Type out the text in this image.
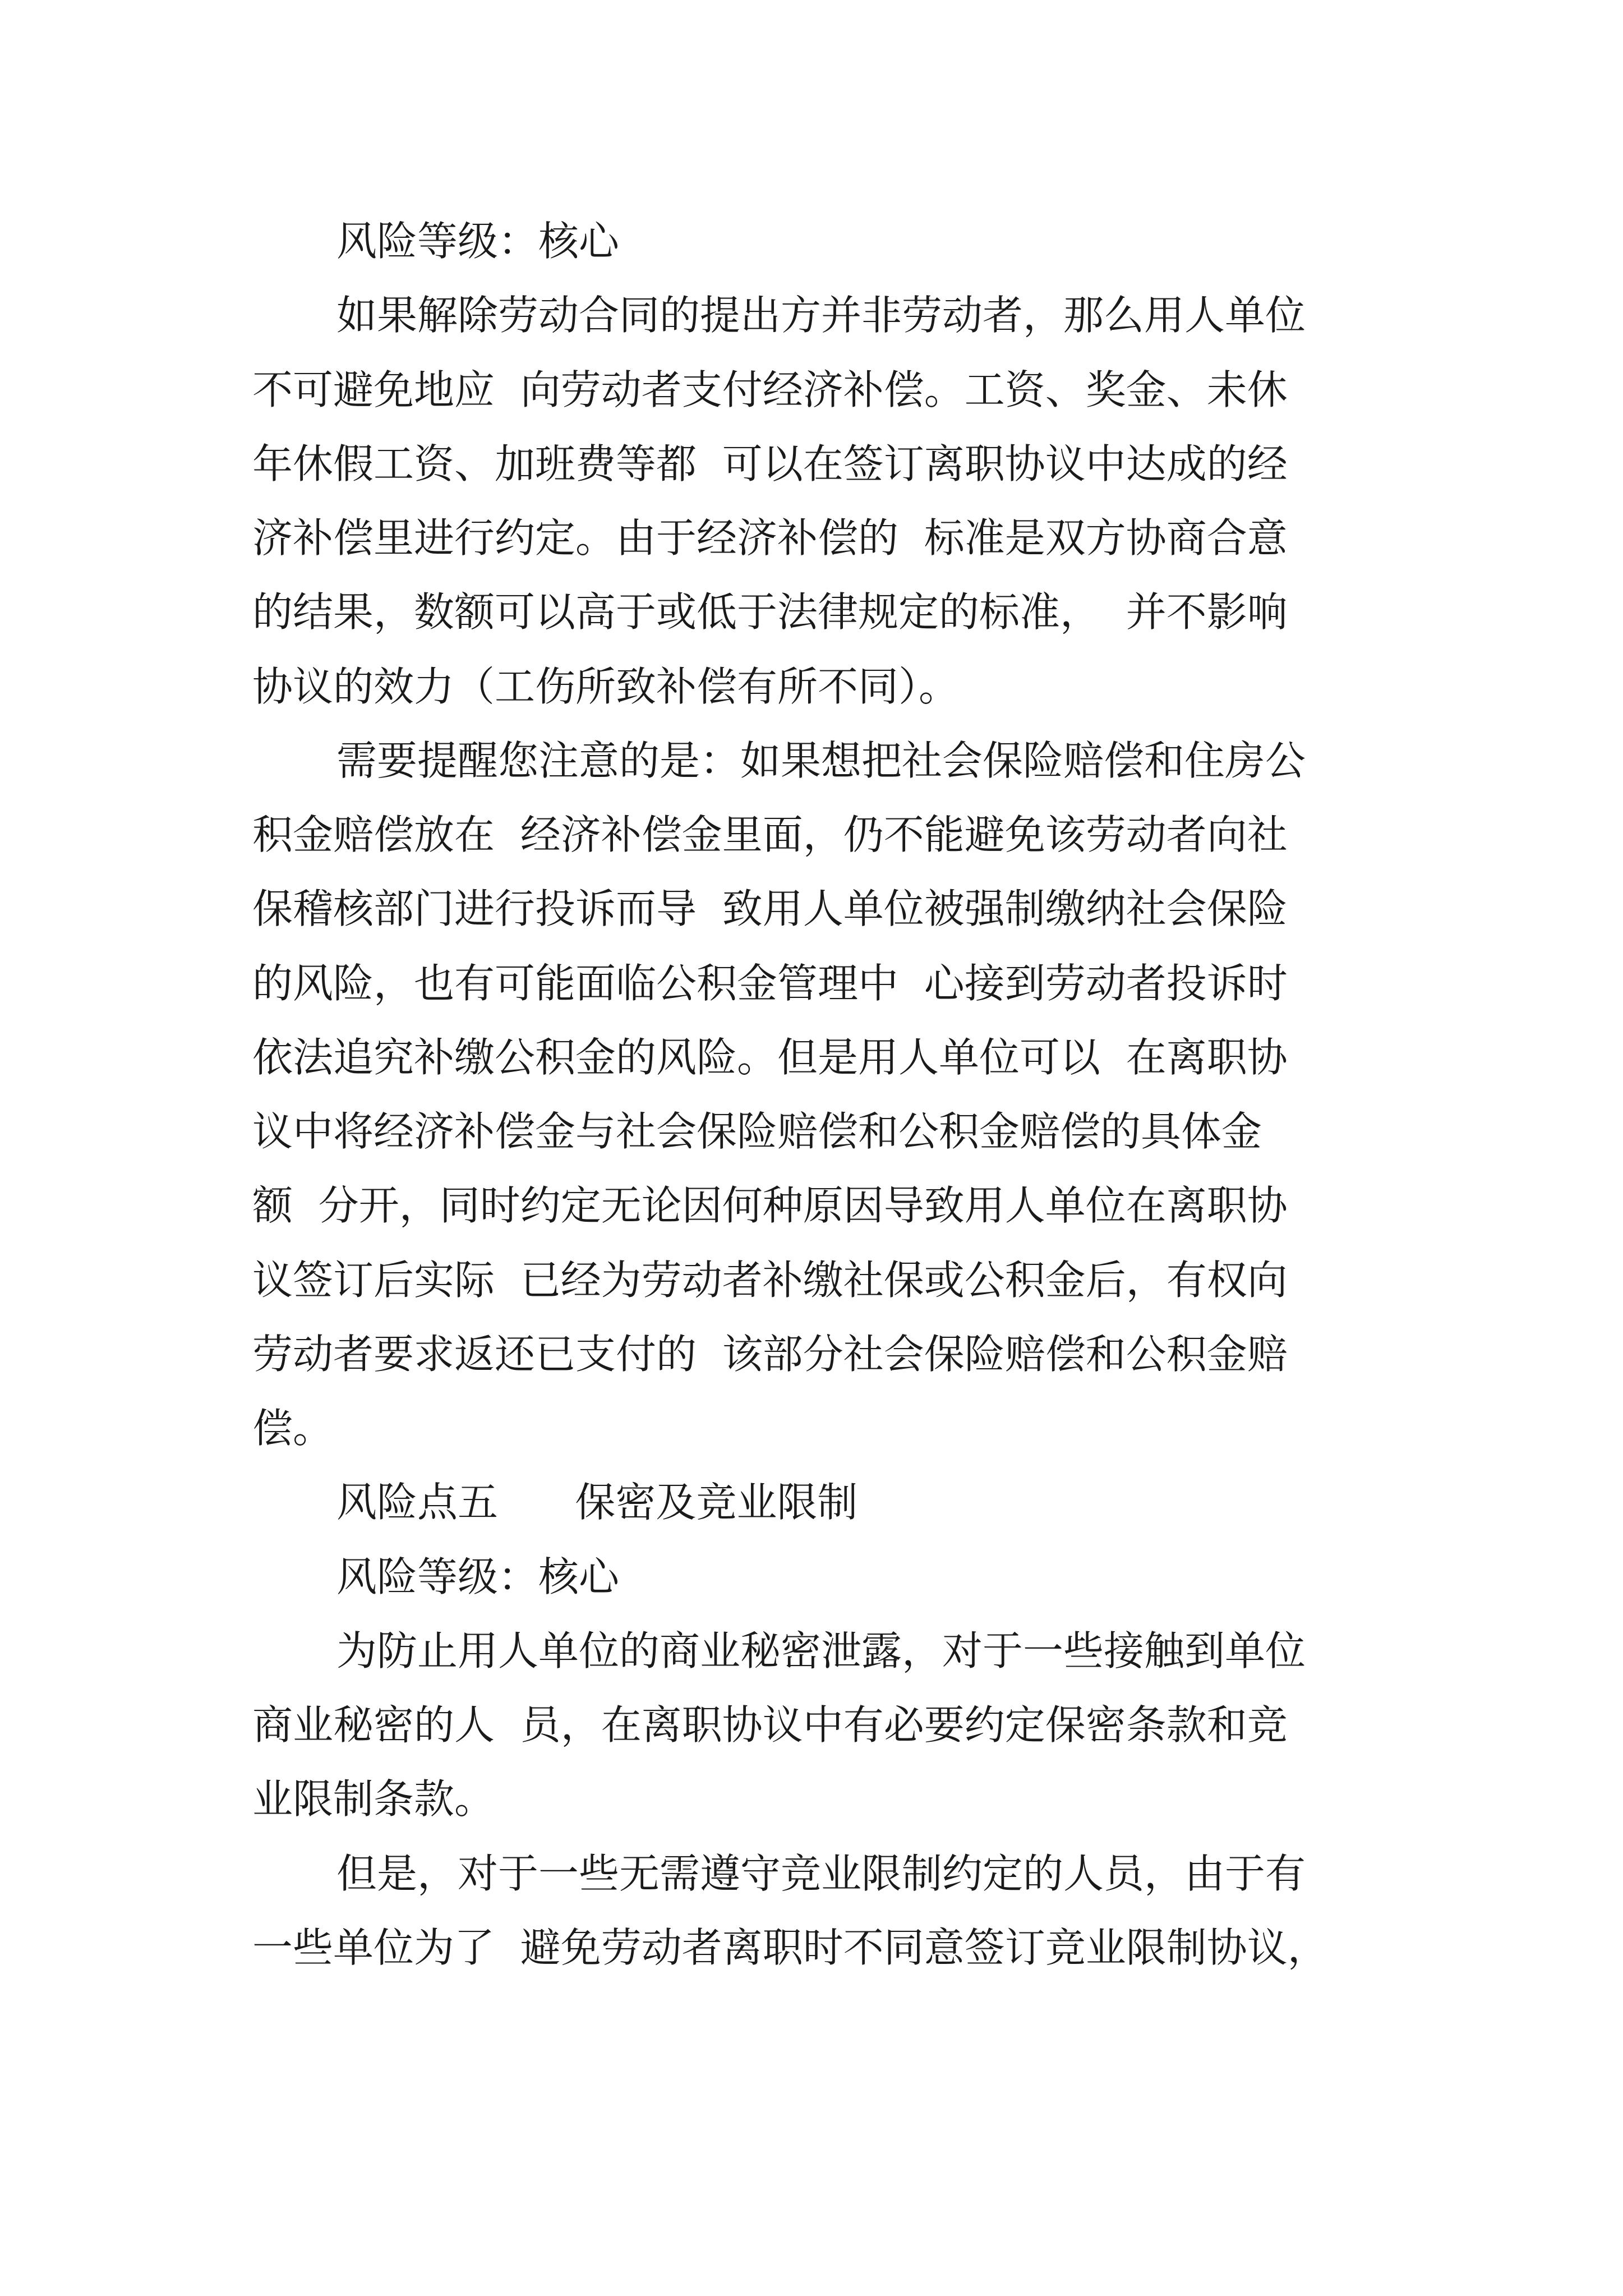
风险等级：核心

如果解除劳动合同的提出方并非劳动者，那么用人单位

不可避免地应  向劳动者支付经济补偿。工资、奖金、未休

年休假工资、加班费等都  可以在签订离职协议中达成的经

济补偿里进行约定。由于经济补偿的  标准是双方协商合意

的结果，数额可以高于或低于法律规定的标准，  并不影响

协议的效力（工伤所致补偿有所不同）。

需要提醒您注意的是：如果想把社会保险赔偿和住房公

积金赔偿放在  经济补偿金里面，仍不能避免该劳动者向社

保稽核部门进行投诉而导  致用人单位被强制缴纳社会保险

的风险，也有可能面临公积金管理中  心接到劳动者投诉时

依法追究补缴公积金的风险。但是用人单位可以  在离职协

议中将经济补偿金与社会保险赔偿和公积金赔偿的具体金

额  分开，同时约定无论因何种原因导致用人单位在离职协

议签订后实际  已经为劳动者补缴社保或公积金后，有权向

劳动者要求返还已支付的  该部分社会保险赔偿和公积金赔

偿。

风险点五      保密及竞业限制

风险等级：核心

为防止用人单位的商业秘密泄露，对于一些接触到单位

商业秘密的人  员，在离职协议中有必要约定保密条款和竞

业限制条款。

但是，对于一些无需遵守竞业限制约定的人员，由于有

一些单位为了  避免劳动者离职时不同意签订竞业限制协议，
